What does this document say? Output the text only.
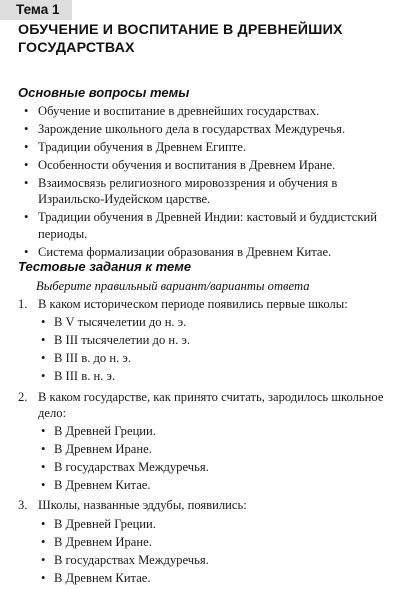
Тема 1
ОБУЧЕНИЕ И ВОСПИТАНИЕ В ДРЕВНЕЙШИХ ГОСУДАРСТВАХ
Основные вопросы темы
• Обучение и воспитание в древнейших государствах.
• Зарождение школьного дела в государствах Междуречья.
• Традиции обучения в Древнем Египте.
• Особенности обучения и воспитания в Древнем Иране.
• Взаимосвязь религиозного мировоззрения и обучения в Израильско-Иудейском царстве.
• Традиции обучения в Древней Индии: кастовый и буддистский периоды.
• Система формализации образования в Древнем Китае.
Тестовые задания к теме
Выберите правильный вариант/варианты ответа
1. В каком историческом периоде появились первые школы:
• В V тысячелетии до н. э.
• В III тысячелетии до н. э.
• В III в. до н. э.
• В III в. н. э.
2. В каком государстве, как принято считать, зародилось школьное дело:
• В Древней Греции.
• В Древнем Иране.
• В государствах Междуречья.
• В Древнем Китае.
3. Школы, названные эддубы, появились:
• В Древней Греции.
• В Древнем Иране.
• В государствах Междуречья.
• В Древнем Китае.
